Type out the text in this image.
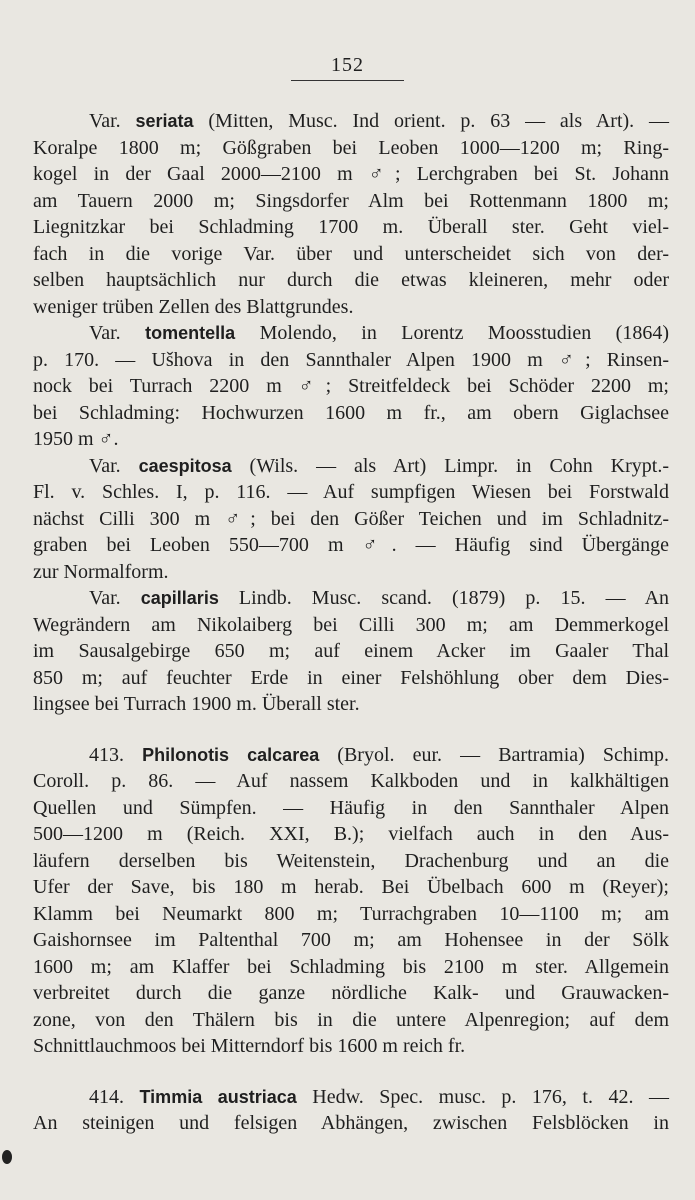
152
Var. seriata (Mitten, Musc. Ind orient. p. 63 — als Art). —
Koralpe 1800 m; Gößgraben bei Leoben 1000—1200 m; Ring-
kogel in der Gaal 2000—2100 m ♂; Lerchgraben bei St. Johann
am Tauern 2000 m; Singsdorfer Alm bei Rottenmann 1800 m;
Liegnitzkar bei Schladming 1700 m. Überall ster. Geht viel-
fach in die vorige Var. über und unterscheidet sich von der-
selben hauptsächlich nur durch die etwas kleineren, mehr oder
weniger trüben Zellen des Blattgrundes.
Var. tomentella Molendo, in Lorentz Moosstudien (1864)
p. 170. — Ušhova in den Sannthaler Alpen 1900 m ♂; Rinsen-
nock bei Turrach 2200 m ♂; Streitfeldeck bei Schöder 2200 m;
bei Schladming: Hochwurzen 1600 m fr., am obern Giglachsee
1950 m ♂.
Var. caespitosa (Wils. — als Art) Limpr. in Cohn Krypt.-
Fl. v. Schles. I, p. 116. — Auf sumpfigen Wiesen bei Forstwald
nächst Cilli 300 m ♂; bei den Gößer Teichen und im Schladnitz-
graben bei Leoben 550—700 m ♂. — Häufig sind Übergänge
zur Normalform.
Var. capillaris Lindb. Musc. scand. (1879) p. 15. — An
Wegrändern am Nikolaiberg bei Cilli 300 m; am Demmerkogel
im Sausalgebirge 650 m; auf einem Acker im Gaaler Thal
850 m; auf feuchter Erde in einer Felshöhlung ober dem Dies-
lingsee bei Turrach 1900 m. Überall ster.
413. Philonotis calcarea (Bryol. eur. — Bartramia) Schimp.
Coroll. p. 86. — Auf nassem Kalkboden und in kalkhältigen
Quellen und Sümpfen. — Häufig in den Sannthaler Alpen
500—1200 m (Reich. XXI, B.); vielfach auch in den Aus-
läufern derselben bis Weitenstein, Drachenburg und an die
Ufer der Save, bis 180 m herab. Bei Übelbach 600 m (Reyer);
Klamm bei Neumarkt 800 m; Turrachgraben 10—1100 m; am
Gaishornsee im Paltenthal 700 m; am Hohensee in der Sölk
1600 m; am Klaffer bei Schladming bis 2100 m ster. Allgemein
verbreitet durch die ganze nördliche Kalk- und Grauwacken-
zone, von den Thälern bis in die untere Alpenregion; auf dem
Schnittlauchmoos bei Mitterndorf bis 1600 m reich fr.
414. Timmia austriaca Hedw. Spec. musc. p. 176, t. 42. —
An steinigen und felsigen Abhängen, zwischen Felsblöcken in
